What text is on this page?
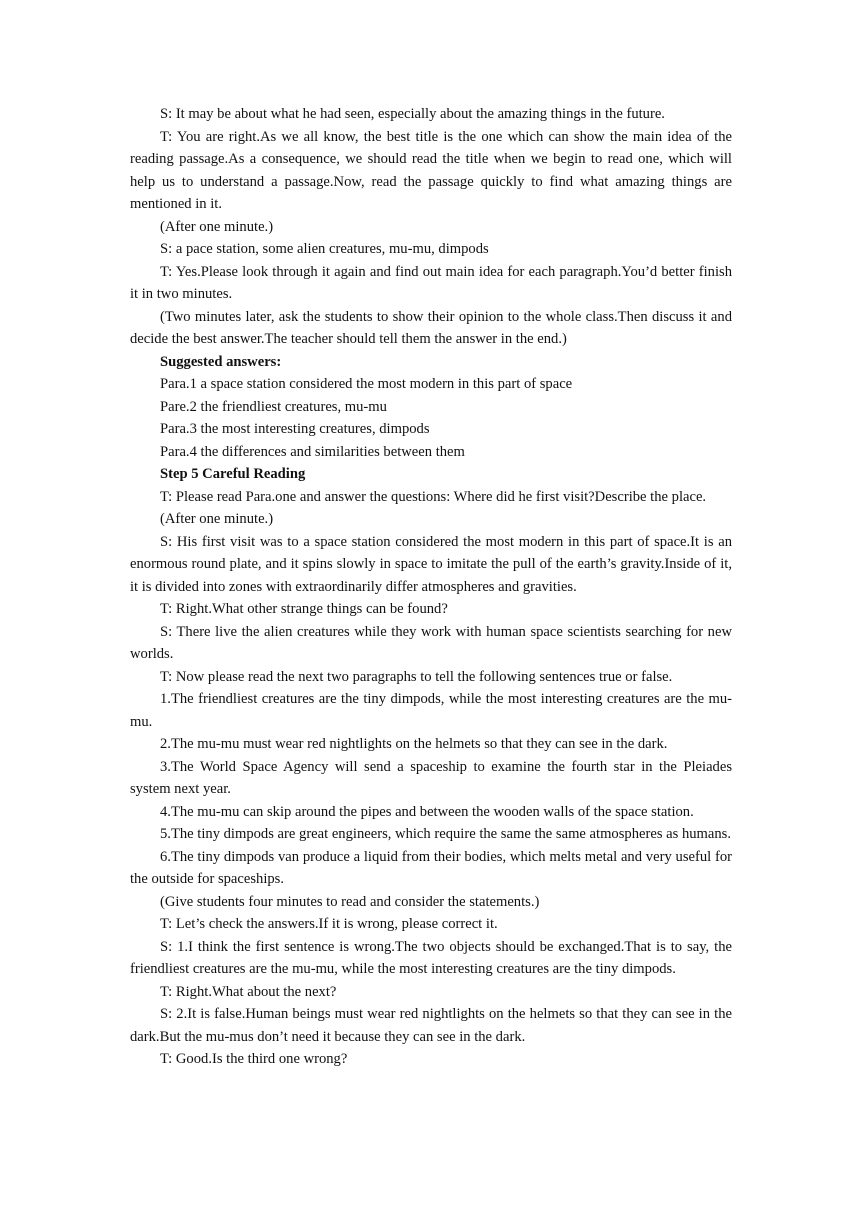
S: It may be about what he had seen, especially about the amazing things in the future.

T: You are right.As we all know, the best title is the one which can show the main idea of the reading passage.As a consequence, we should read the title when we begin to read one, which will help us to understand a passage.Now, read the passage quickly to find what amazing things are mentioned in it.

(After one minute.)

S: a pace station, some alien creatures, mu-mu, dimpods

T: Yes.Please look through it again and find out main idea for each paragraph.You’d better finish it in two minutes.

(Two minutes later, ask the students to show their opinion to the whole class.Then discuss it and decide the best answer.The teacher should tell them the answer in the end.)

Suggested answers:

Para.1 a space station considered the most modern in this part of space

Pare.2 the friendliest creatures, mu-mu

Para.3 the most interesting creatures, dimpods

Para.4 the differences and similarities between them

Step 5 Careful Reading

T: Please read Para.one and answer the questions: Where did he first visit?Describe the place.

(After one minute.)

S: His first visit was to a space station considered the most modern in this part of space.It is an enormous round plate, and it spins slowly in space to imitate the pull of the earth’s gravity.Inside of it, it is divided into zones with extraordinarily differ atmospheres and gravities.

T: Right.What other strange things can be found?

S: There live the alien creatures while they work with human space scientists searching for new worlds.

T: Now please read the next two paragraphs to tell the following sentences true or false.

1.The friendliest creatures are the tiny dimpods, while the most interesting creatures are the mu-mu.

2.The mu-mu must wear red nightlights on the helmets so that they can see in the dark.

3.The World Space Agency will send a spaceship to examine the fourth star in the Pleiades system next year.

4.The mu-mu can skip around the pipes and between the wooden walls of the space station.

5.The tiny dimpods are great engineers, which require the same the same atmospheres as humans.

6.The tiny dimpods van produce a liquid from their bodies, which melts metal and very useful for the outside for spaceships.

(Give students four minutes to read and consider the statements.)

T: Let’s check the answers.If it is wrong, please correct it.

S: 1.I think the first sentence is wrong.The two objects should be exchanged.That is to say, the friendliest creatures are the mu-mu, while the most interesting creatures are the tiny dimpods.

T: Right.What about the next?

S: 2.It is false.Human beings must wear red nightlights on the helmets so that they can see in the dark.But the mu-mus don’t need it because they can see in the dark.

T: Good.Is the third one wrong?
